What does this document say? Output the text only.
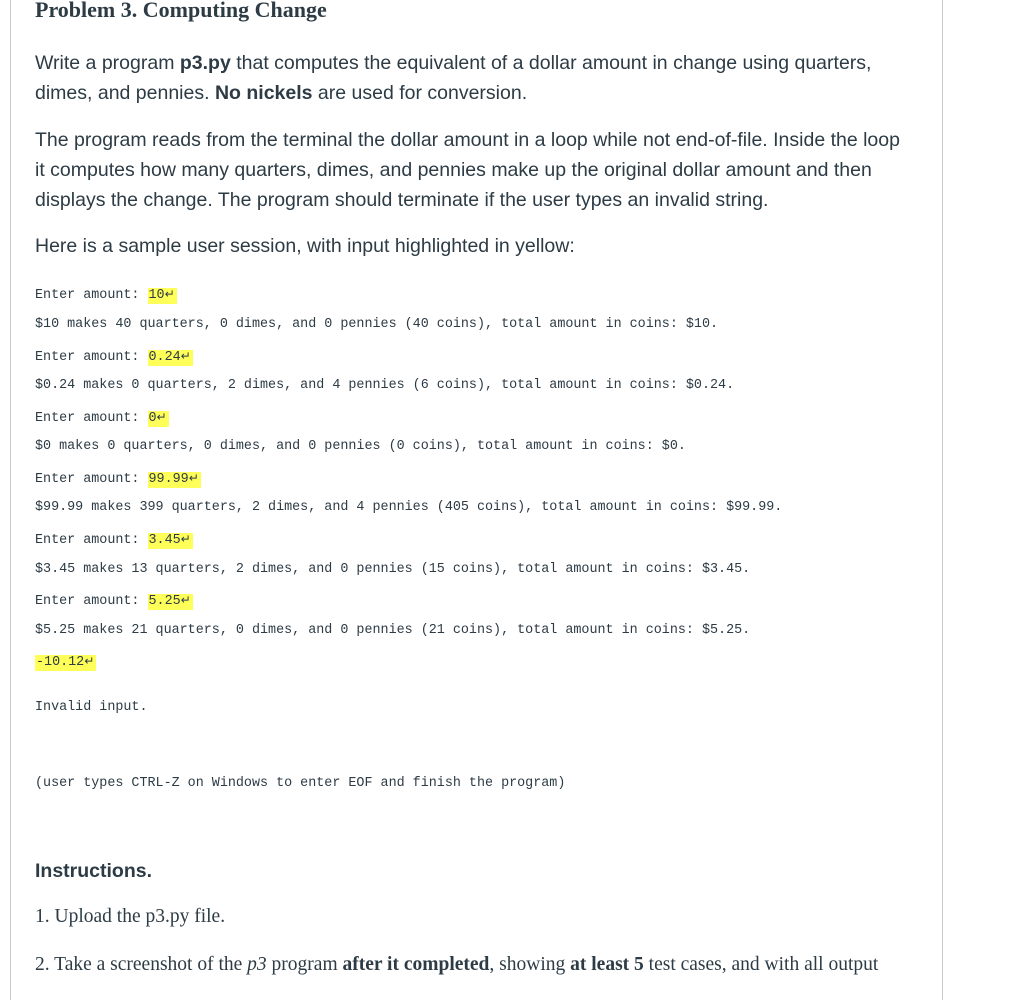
Problem 3. Computing Change

Write a program p3.py that computes the equivalent of a dollar amount in change using quarters, dimes, and pennies. No nickels are used for conversion.

The program reads from the terminal the dollar amount in a loop while not end-of-file. Inside the loop it computes how many quarters, dimes, and pennies make up the original dollar amount and then displays the change. The program should terminate if the user types an invalid string.

Here is a sample user session, with input highlighted in yellow:

Enter amount: 10↵
$10 makes 40 quarters, 0 dimes, and 0 pennies (40 coins), total amount in coins: $10.
Enter amount: 0.24↵
$0.24 makes 0 quarters, 2 dimes, and 4 pennies (6 coins), total amount in coins: $0.24.
Enter amount: 0↵
$0 makes 0 quarters, 0 dimes, and 0 pennies (0 coins), total amount in coins: $0.
Enter amount: 99.99↵
$99.99 makes 399 quarters, 2 dimes, and 4 pennies (405 coins), total amount in coins: $99.99.
Enter amount: 3.45↵
$3.45 makes 13 quarters, 2 dimes, and 0 pennies (15 coins), total amount in coins: $3.45.
Enter amount: 5.25↵
$5.25 makes 21 quarters, 0 dimes, and 0 pennies (21 coins), total amount in coins: $5.25.
-10.12↵
Invalid input.
(user types CTRL-Z on Windows to enter EOF and finish the program)
Instructions.

1. Upload the p3.py file.

2. Take a screenshot of the p3 program after it completed, showing at least 5 test cases, and with all output
